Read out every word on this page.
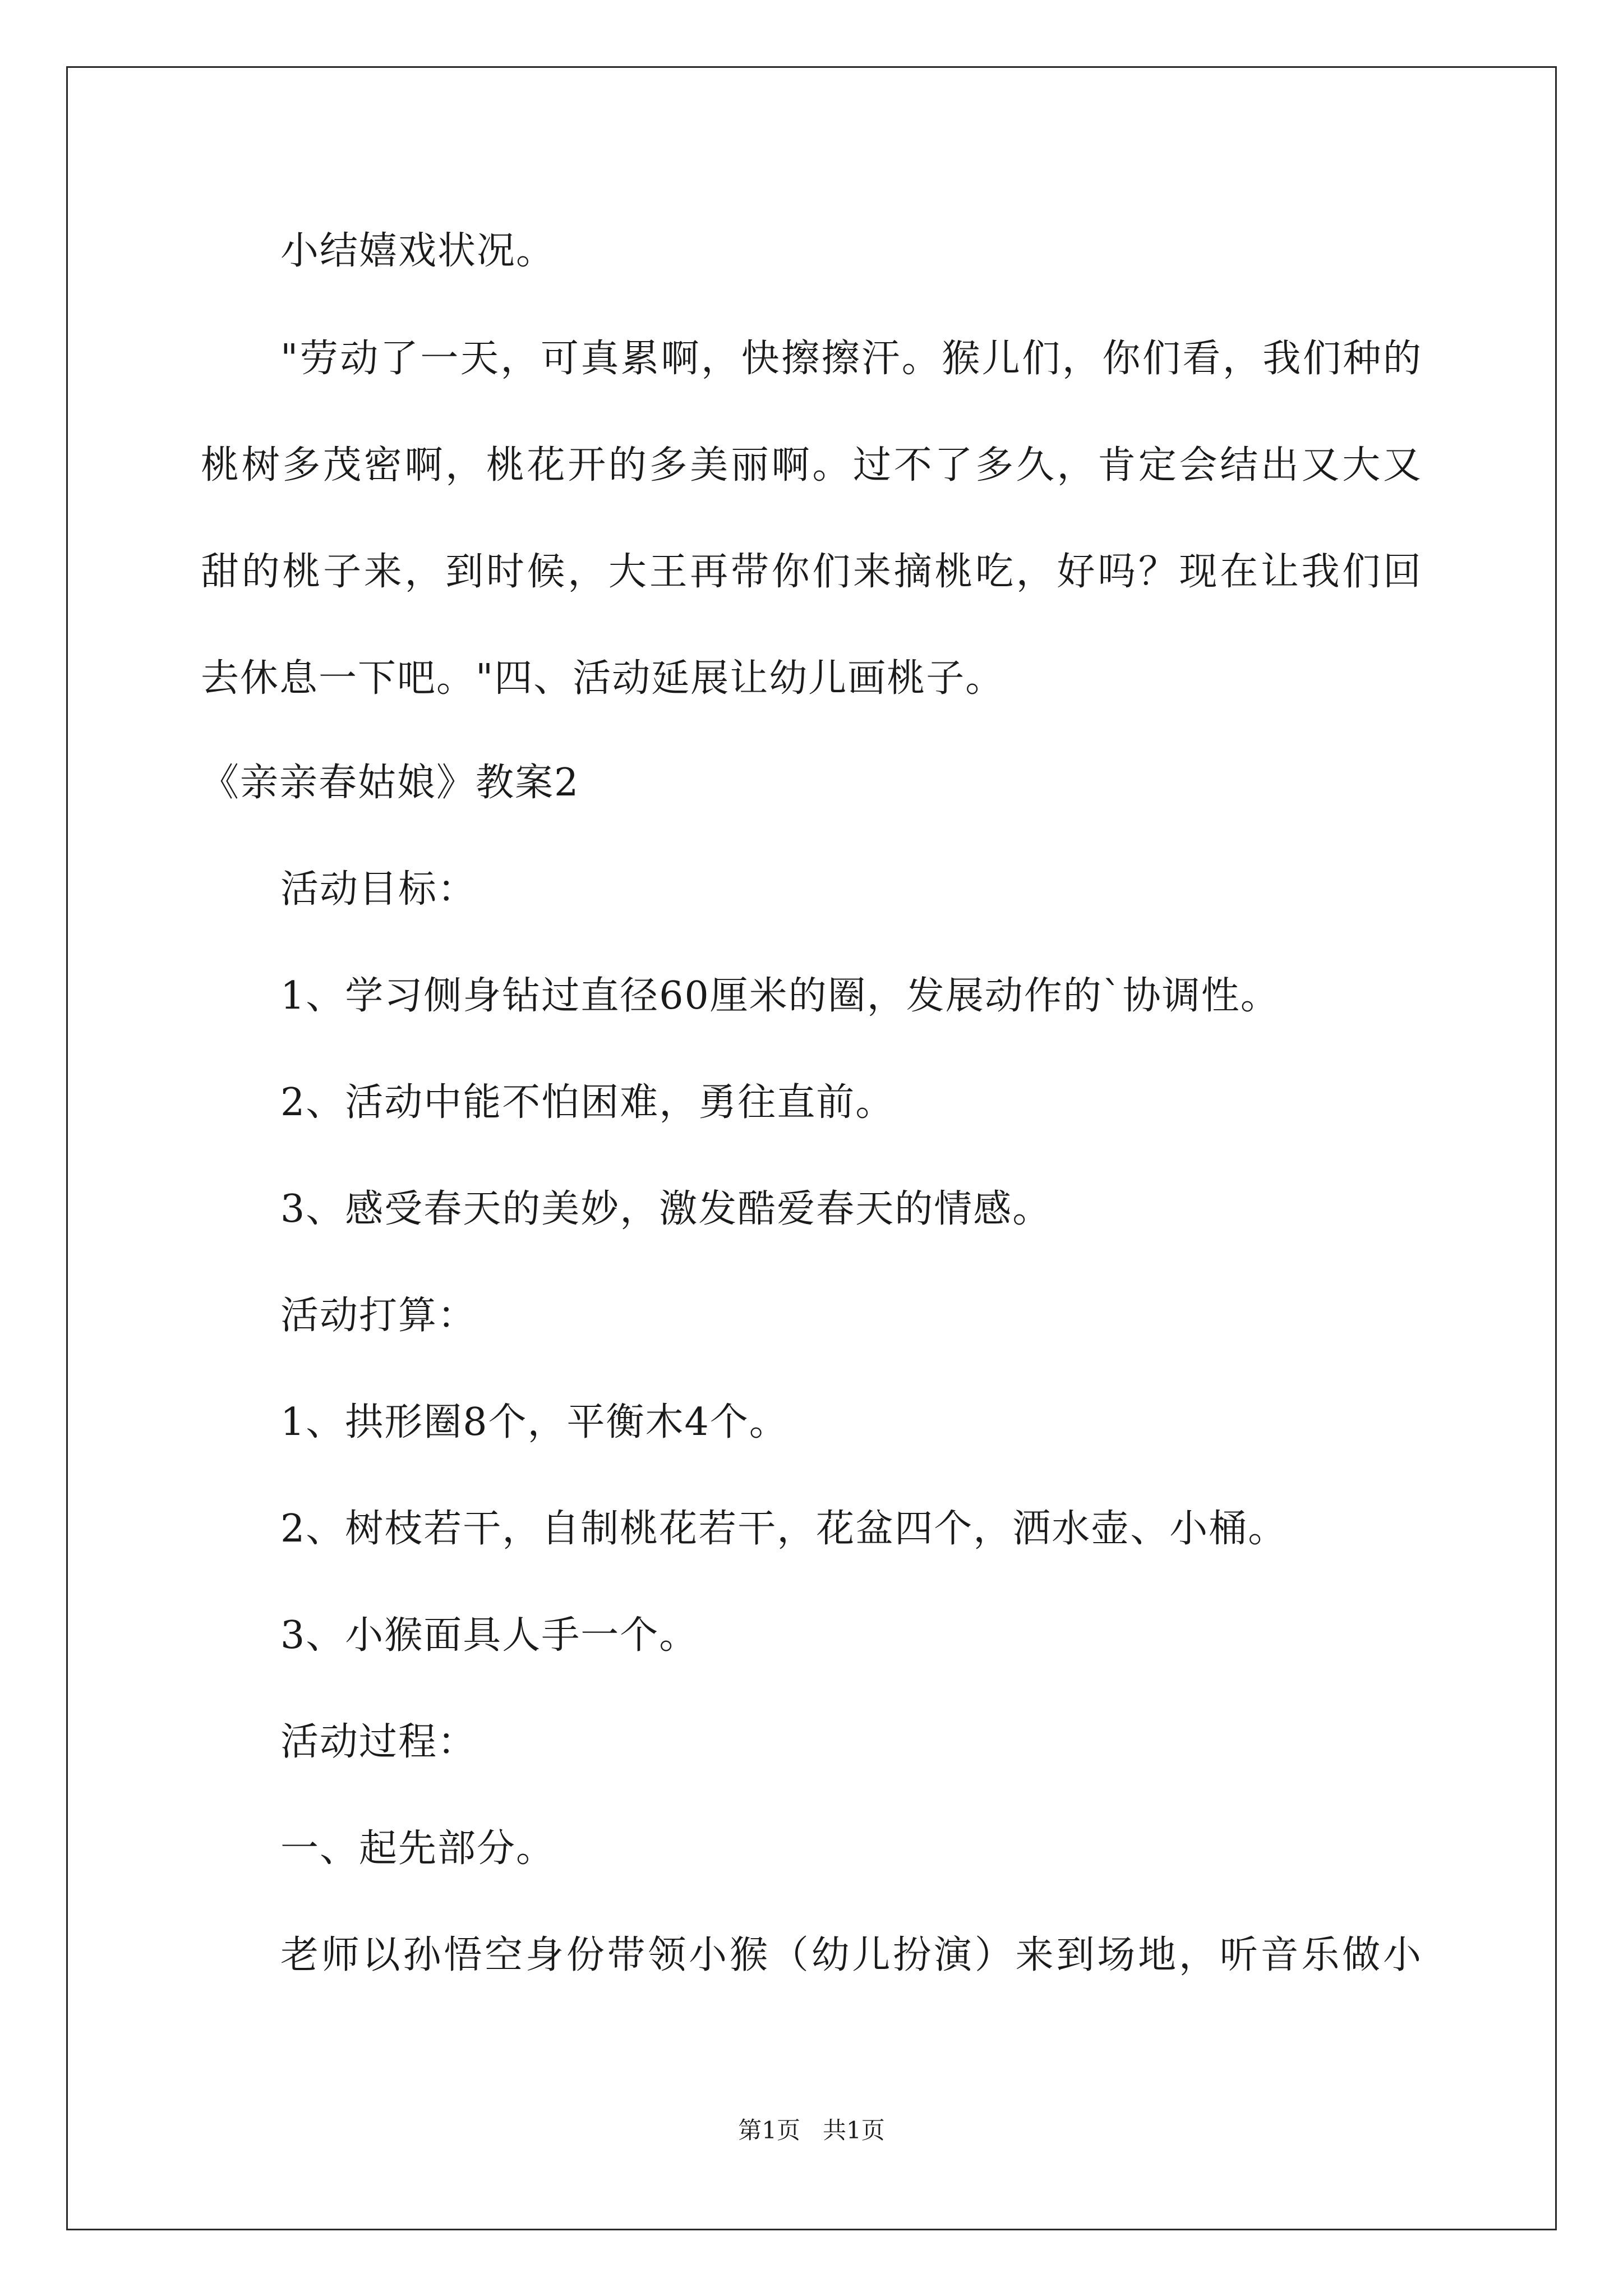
小结嬉戏状况。
"劳动了一天，可真累啊，快擦擦汗。猴儿们，你们看，我们种的
桃树多茂密啊，桃花开的多美丽啊。过不了多久，肯定会结出又大又
甜的桃子来，到时候，大王再带你们来摘桃吃，好吗？现在让我们回
去休息一下吧。"四、活动延展让幼儿画桃子。
《亲亲春姑娘》教案2
活动目标：
1、学习侧身钻过直径60厘米的圈，发展动作的`协调性。
2、活动中能不怕困难，勇往直前。
3、感受春天的美妙，激发酷爱春天的情感。
活动打算：
1、拱形圈8个，平衡木4个。
2、树枝若干，自制桃花若干，花盆四个，洒水壶、小桶。
3、小猴面具人手一个。
活动过程：
一、起先部分。
老师以孙悟空身份带领小猴（幼儿扮演）来到场地，听音乐做小
第1页 共1页
